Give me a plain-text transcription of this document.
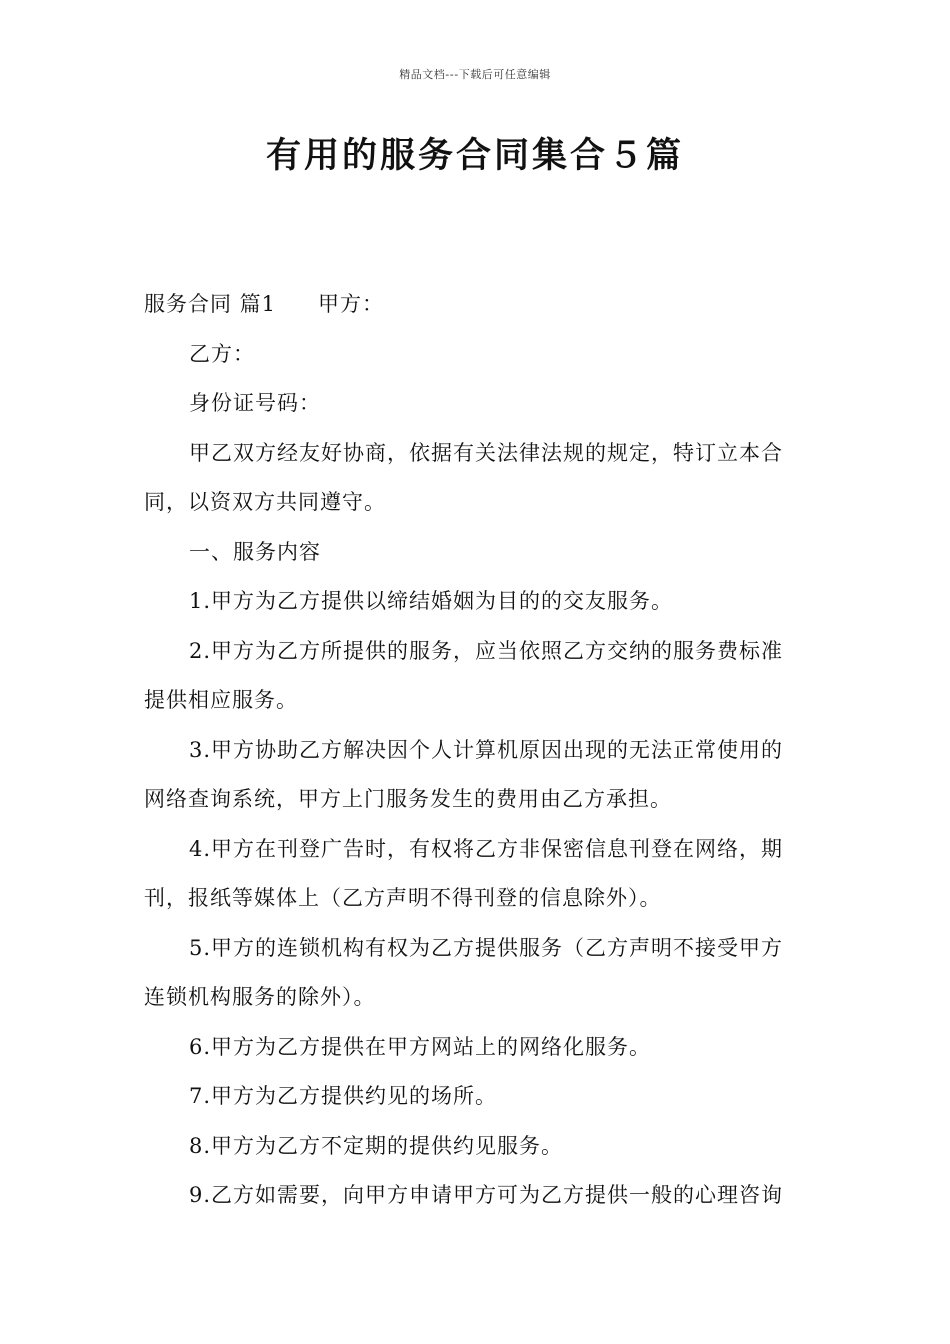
精品文档---下载后可任意编辑
有用的服务合同集合５篇
服务合同 篇1 甲方：
乙方：
身份证号码：
甲乙双方经友好协商，依据有关法律法规的规定，特订立本合
同，以资双方共同遵守。
一、服务内容
1.甲方为乙方提供以缔结婚姻为目的的交友服务。
2.甲方为乙方所提供的服务，应当依照乙方交纳的服务费标准
提供相应服务。
3.甲方协助乙方解决因个人计算机原因出现的无法正常使用的
网络查询系统，甲方上门服务发生的费用由乙方承担。
4.甲方在刊登广告时，有权将乙方非保密信息刊登在网络，期
刊，报纸等媒体上（乙方声明不得刊登的信息除外）。
5.甲方的连锁机构有权为乙方提供服务（乙方声明不接受甲方
连锁机构服务的除外）。
6.甲方为乙方提供在甲方网站上的网络化服务。
7.甲方为乙方提供约见的场所。
8.甲方为乙方不定期的提供约见服务。
9.乙方如需要，向甲方申请甲方可为乙方提供一般的心理咨询
